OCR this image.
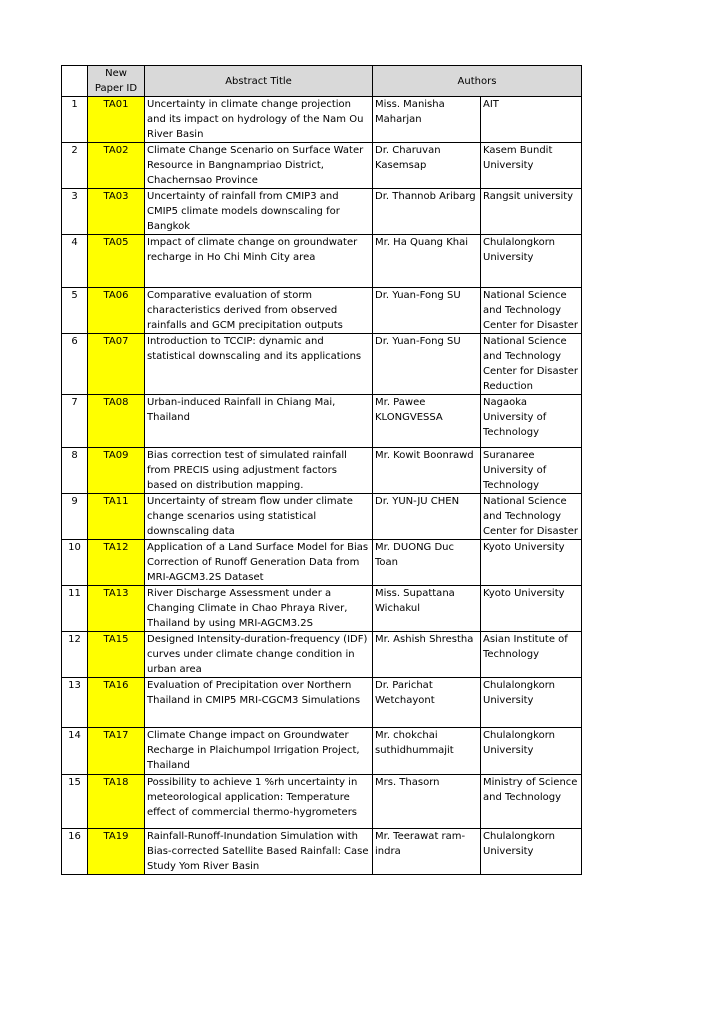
	New
Paper ID	Abstract Title	Authors	
1	TA01	Uncertainty in climate change projection and its impact on hydrology of the Nam Ou River Basin	Miss. Manisha Maharjan	AIT
2	TA02	Climate Change Scenario on Surface Water Resource in Bangnampriao District, Chachernsao Province	Dr. Charuvan Kasemsap	Kasem Bundit University
3	TA03	Uncertainty of rainfall from CMIP3 and CMIP5 climate models downscaling for Bangkok	Dr. Thannob Aribarg	Rangsit university
4	TA05	Impact of climate change on groundwater recharge in Ho Chi Minh City area	Mr. Ha Quang Khai	Chulalongkorn University
5	TA06	Comparative evaluation of storm characteristics derived from observed rainfalls and GCM precipitation outputs	Dr. Yuan-Fong SU	National Science and Technology Center for Disaster
6	TA07	Introduction to TCCIP: dynamic and statistical downscaling and its applications	Dr. Yuan-Fong SU	National Science and Technology Center for Disaster Reduction
7	TA08	Urban-induced Rainfall in Chiang Mai, Thailand	Mr. Pawee KLONGVESSA	Nagaoka University of Technology
8	TA09	Bias correction test of simulated rainfall from PRECIS using adjustment factors based on distribution mapping.	Mr. Kowit Boonrawd	Suranaree University of Technology
9	TA11	Uncertainty of stream flow under climate change scenarios using statistical downscaling data	Dr. YUN-JU CHEN	National Science and Technology Center for Disaster
10	TA12	Application of a Land Surface Model for Bias Correction of Runoff Generation Data from MRI-AGCM3.2S Dataset	Mr. DUONG Duc Toan	Kyoto University
11	TA13	River Discharge Assessment under a Changing Climate in Chao Phraya River, Thailand by using MRI-AGCM3.2S	Miss. Supattana Wichakul	Kyoto University
12	TA15	Designed Intensity-duration-frequency (IDF) curves under climate change condition in urban area	Mr. Ashish Shrestha	Asian Institute of Technology
13	TA16	Evaluation of Precipitation over Northern Thailand in CMIP5 MRI-CGCM3 Simulations	Dr. Parichat Wetchayont	Chulalongkorn University
14	TA17	Climate Change impact on Groundwater Recharge in Plaichumpol Irrigation Project, Thailand	Mr. chokchai suthidhummajit	Chulalongkorn University
15	TA18	Possibility to achieve 1 %rh uncertainty in meteorological application: Temperature effect of commercial thermo-hygrometers	Mrs. Thasorn	Ministry of Science and Technology
16	TA19	Rainfall-Runoff-Inundation Simulation with Bias-corrected Satellite Based Rainfall: Case Study Yom River Basin	Mr. Teerawat ram-indra	Chulalongkorn University
